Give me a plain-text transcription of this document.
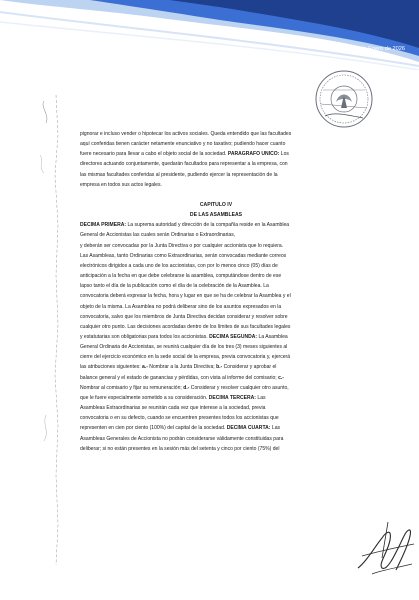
Acarigua, 08 de Enero de 2026

pignorar e incluso vender o hipotecar los activos sociales. Queda entendido que las facultades

aquí conferidas tienen carácter netamente enunciativo y no taxativo; pudiendo hacer cuanto

fuere necesario para llevar a cabo el objeto social de la sociedad. PARAGRAFO UNICO: Los

directores actuando conjuntamente, quedarán facultados para representar a la empresa, con

las mismas facultades conferidas al presidente, pudiendo ejercer la representación de la

empresa en todos sus actos legales.

CAPITULO IV

DE LAS ASAMBLEAS

DECIMA PRIMERA: La suprema autoridad y dirección de la compañía reside en la Asamblea

General de Accionistas las cuales serán Ordinarias o Extraordinarias,

y deberán ser convocadas por la Junta Directiva o por cualquier accionista que lo requiera.

Las Asambleas, tanto Ordinarias como Extraordinarias, serán convocadas mediante correos

electrónicos dirigidos a cada uno de los accionistas, con por lo menos cinco (05) días de

anticipación a la fecha en que debe celebrarse la asamblea, computándose dentro de ese

lapso tanto el día de la publicación como el día de la celebración de la Asamblea. La

convocatoria deberá expresar la fecha, hora y lugar en que se ha de celebrar la Asamblea y el

objeto de la misma. La Asamblea no podrá deliberar sino de los asuntos expresados en la

convocatoria, salvo que los miembros de Junta Directiva decidan considerar y resolver sobre

cualquier otro punto. Las decisiones acordadas dentro de los límites de sus facultades legales

y estatutarias son obligatorias para todos los accionistas. DECIMA SEGUNDA: La Asamblea

General Ordinaria de Accionistas, se reunirá cualquier día de los tres (3) meses siguientes al

cierre del ejercicio económico en la sede social de la empresa, previa convocatoria y, ejercerá

las atribuciones siguientes: a.- Nombrar a la Junta Directiva; b.- Considerar y aprobar el

balance general y el estado de ganancias y pérdidas, con vista al informe del comisario; c.-

Nombrar al comisario y fijar su remuneración; d.- Considerar y resolver cualquier otro asunto,

que le fuere especialmente sometido a su consideración. DECIMA TERCERA: Las

Asambleas Extraordinarias se reunirán cada vez que interese a la sociedad, previa

convocatoria o en su defecto, cuando se encuentren presentes todos los accionistas que

representen en cien por ciento (100%) del capital de la sociedad. DECIMA CUARTA: Las

Asambleas Generales de Accionista no podrán considerarse válidamente constituidas para

deliberar; si no están presentes en la sesión más del setenta y cinco por ciento (75%) del
